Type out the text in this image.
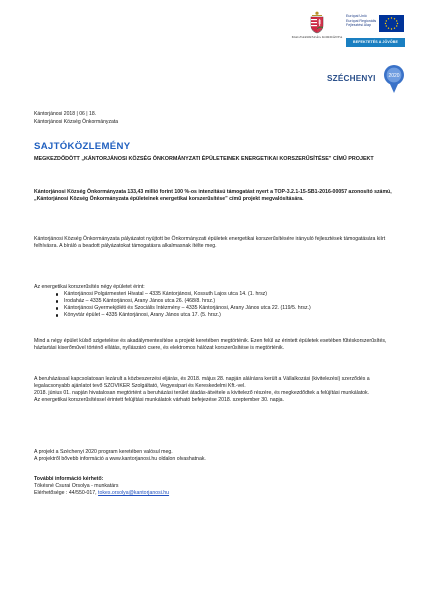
MAGYARORSZÁG KORMÁNYA
Európai Unió Európai Regionális Fejlesztési Alap
BEFEKTETÉS A JÖVŐBE
SZÉCHENYI	2020
Kántorjánosi 2018 | 06 | 18.
Kántorjánosi Község Önkormányzata
SAJTÓKÖZLEMÉNY
MEGKEZDŐDÖTT „KÁNTORJÁNOSI KÖZSÉG ÖNKORMÁNYZATI ÉPÜLETEINEK ENERGETIKAI KORSZERŰSÍTÉSE” CÍMŰ PROJEKT
Kántorjánosi Község Önkormányzata 133,43 millió forint 100 %-os intenzitású támogatást nyert a TOP-3.2.1-15-SB1-2016-00057 azonosító számú, „Kántorjánosi Község Önkormányzata épületeinek energetikai korszerűsítése” című projekt megvalósítására.
Kántorjánosi Község Önkormányzata pályázatot nyújtott be Önkormányzati épületek energetikai korszerűsítésére irányuló fejlesztések támogatására kiírt felhívásra. A bíráló a beadott pályázatokat támogatásra alkalmasnak ítélte meg.

Az energetikai korszerűsítés négy épületet érint:

Kántorjánosi Polgármesteri Hivatal – 4335 Kántorjánosi, Kossuth Lajos utca 14. (1. hrsz)
Irodaház – 4335 Kántorjánosi, Arany János utca 26. (468/8. hrsz.)
Kántorjánosi Gyermekjóléti és Szociális Intézmény – 4335 Kántorjánosi, Arany János utca 22. (119/5. hrsz.)
Könyvtár épület – 4335 Kántorjánosi, Arany János utca 17. (5. hrsz.)
Mind a négy épület külső szigetelése és akadálymentesítése a projekt keretében megtörténik. Ezen felül az érintett épületek esetében fűtéskorszerűsítés, háztartási kiserőművel történő ellátás, nyílászáró csere, és elektromos hálózat korszerűsítése is megtörténik.

A beruházással kapcsolatosan lezárult a közbeszerzési eljárás, és 2018. május 28. napján aláírásra került a Vállalkozási (kivitelezési) szerződés a legalacsonyabb ajánlatot tevő SZOVIKER Szolgáltató, Vegyesipari és Kereskedelmi Kft.-vel.

2018. június 01. napján hivatalosan megtörtént a beruházási terület átadás-átvétele a kivitelező részére, és megkezdődtek a felújítási munkálatok.

Az energetikai korszerűsítéssel érintett felújítási munkálatok várható befejezése 2018. szeptember 30. napja.

A projekt a Széchenyi 2020 program keretében valósul meg.

A projektről bővebb információ a www.kantorjanosi.hu oldalon olvashatnak.

További információ kérhető:

Tökésné Csurai Orsolya - munkatárs

Elérhetősége : 44/550-017, tokes.orsolya@kantorjanosi.hu
